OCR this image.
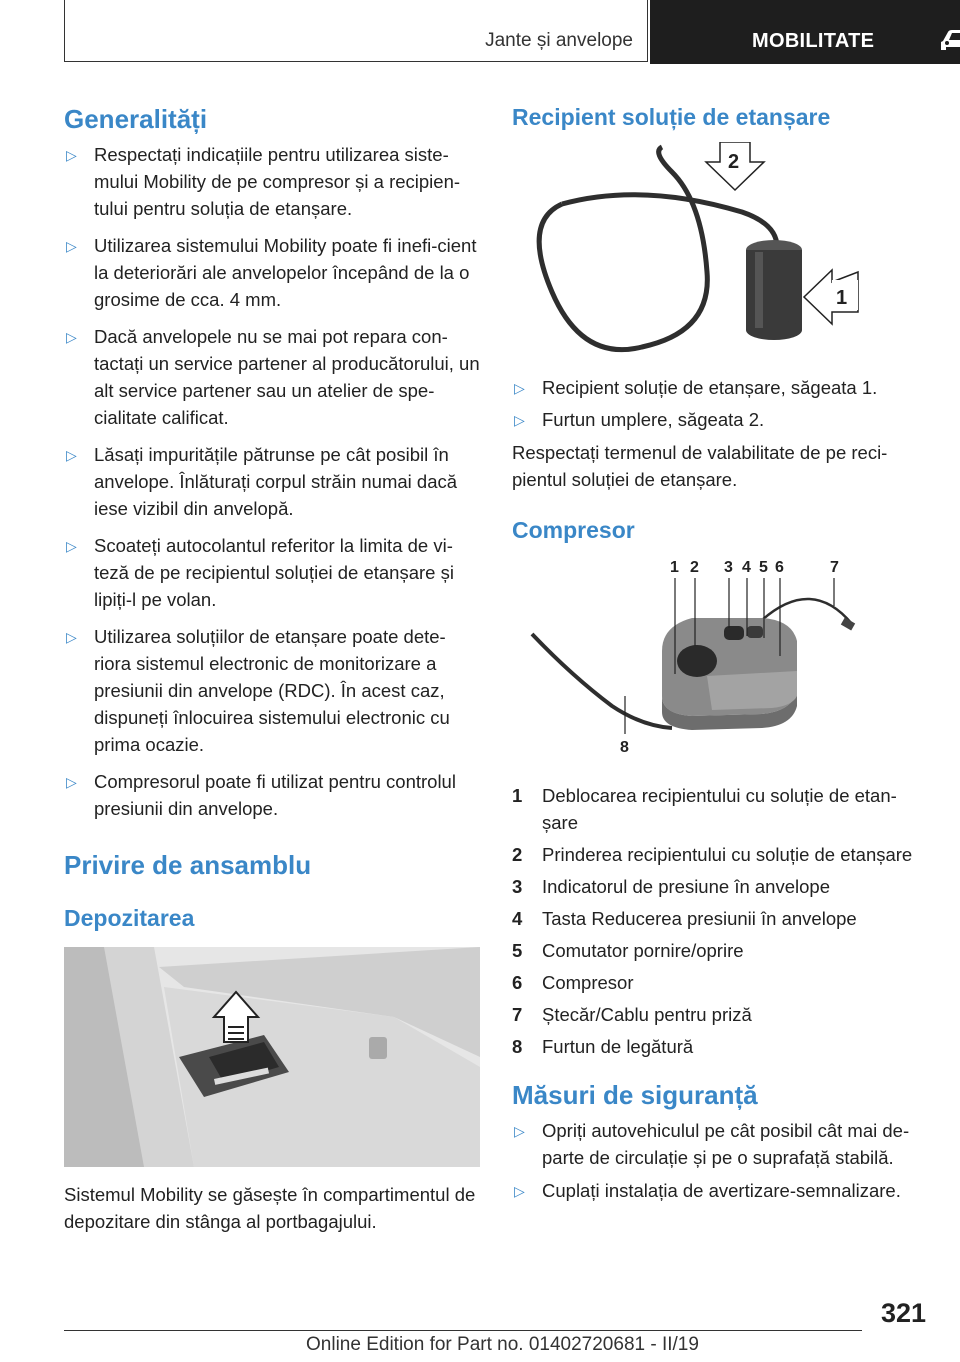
Jante și anvelope	MOBILITATE
Generalități
▷ Respectați indicațiile pentru utilizarea siste-mului Mobility de pe compresor și a recipien-tului pentru soluția de etanșare.
▷ Utilizarea sistemului Mobility poate fi inefi-cient la deteriorări ale anvelopelor începând de la o grosime de cca. 4 mm.
▷ Dacă anvelopele nu se mai pot repara con-tactați un service partener al producătorului, un alt service partener sau un atelier de spe-cialitate calificat.
▷ Lăsați impuritățile pătrunse pe cât posibil în anvelope. Înlăturați corpul străin numai dacă iese vizibil din anvelopă.
▷ Scoateți autocolantul referitor la limita de vi-teză de pe recipientul soluției de etanșare și lipiți-l pe volan.
▷ Utilizarea soluțiilor de etanșare poate dete-riora sistemul electronic de monitorizare a presiunii din anvelope (RDC). În acest caz, dispuneți înlocuirea sistemului electronic cu prima ocazie.
▷ Compresorul poate fi utilizat pentru controlul presiunii din anvelope.
Privire de ansamblu
Depozitarea

Sistemul Mobility se găsește în compartimentul de depozitare din stânga al portbagajului.

Recipient soluție de etanșare
2
1
▷ Recipient soluție de etanșare, săgeata 1.
▷ Furtun umplere, săgeata 2.

Respectați termenul de valabilitate de pe reci-pientul soluției de etanșare.

Compresor
1 2 3 4 5 6	7
8
1 Deblocarea recipientului cu soluție de etan-șare
2 Prinderea recipientului cu soluție de etanșare
3 Indicatorul de presiune în anvelope
4 Tasta Reducerea presiunii în anvelope
5 Comutator pornire/oprire
6 Compresor
7 Ștecăr/Cablu pentru priză
8 Furtun de legătură
Măsuri de siguranță
▷ Opriți autovehiculul pe cât posibil cât mai de-parte de circulație și pe o suprafață stabilă.
▷ Cuplați instalația de avertizare-semnalizare.
321
Online Edition for Part no. 01402720681 - II/19
